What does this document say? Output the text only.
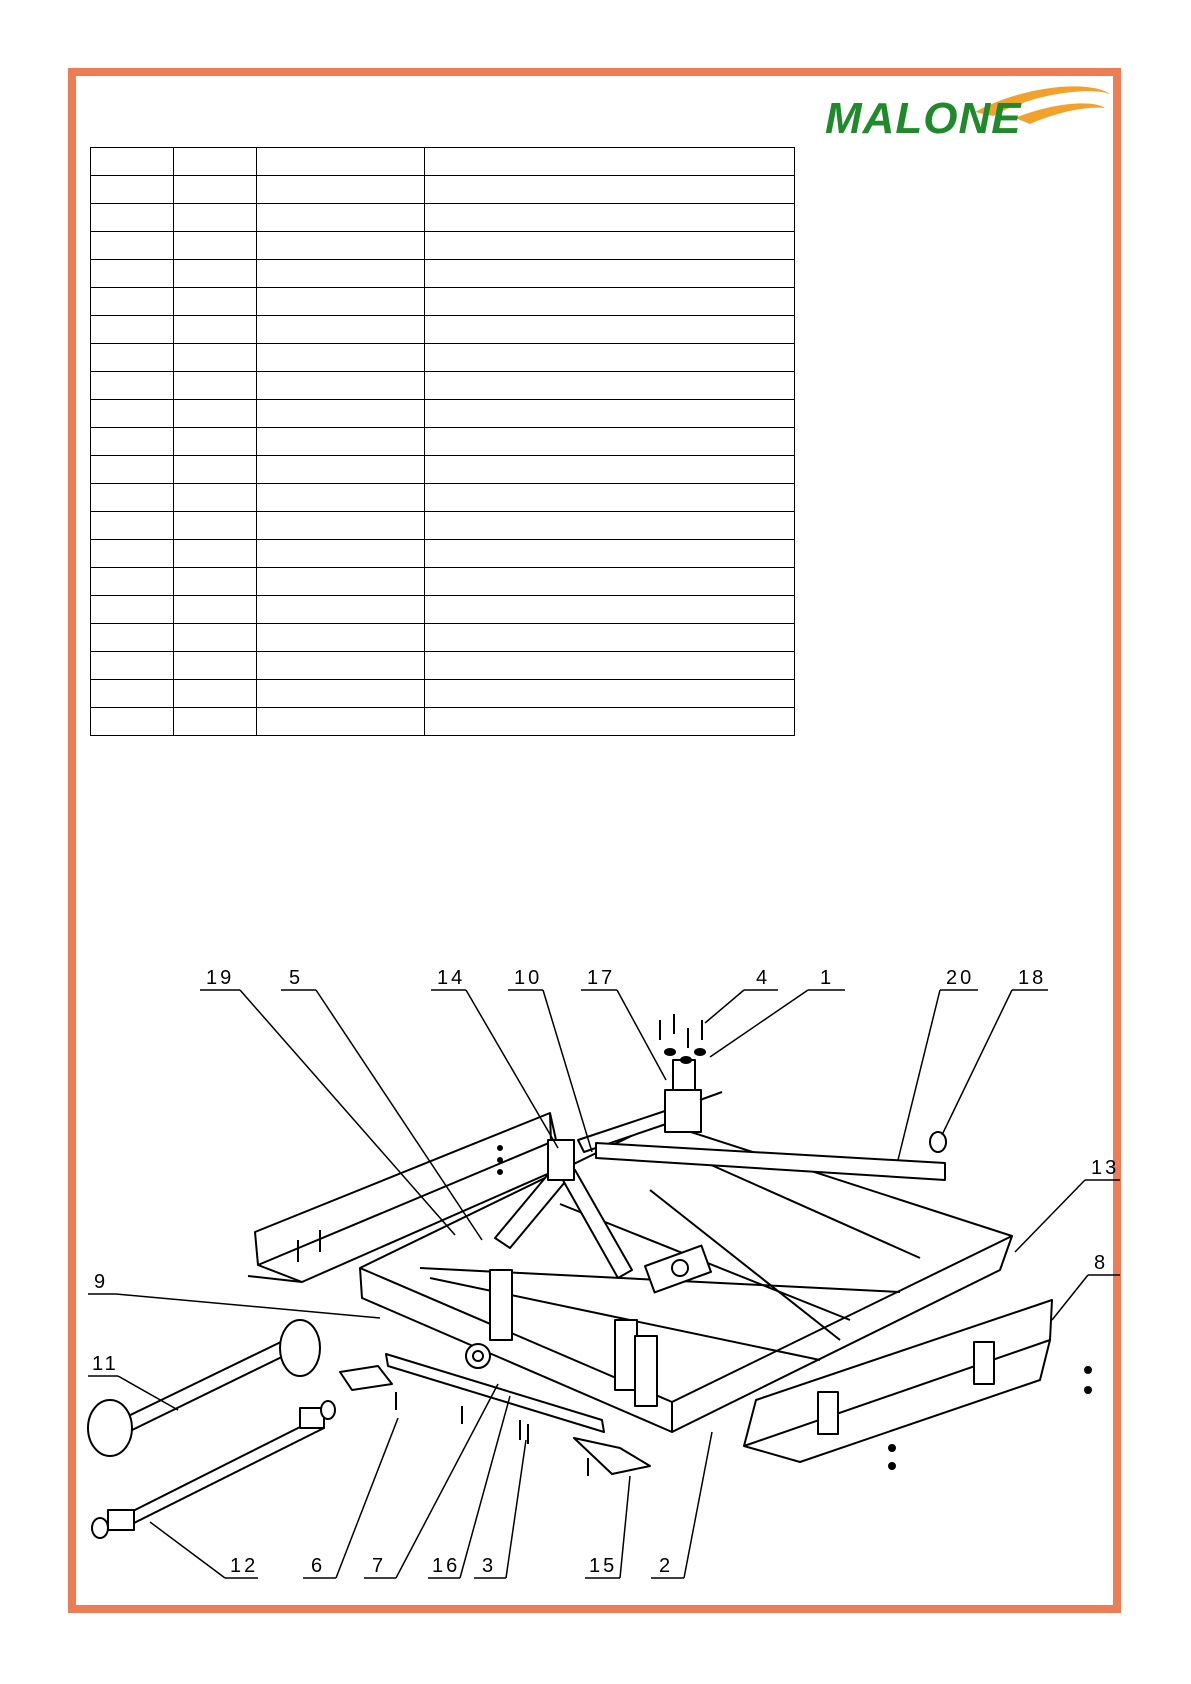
MALONE

19	5	14 10 17	4 1	20 18
13
8
9
11
12	6 7 16 3	15 2
